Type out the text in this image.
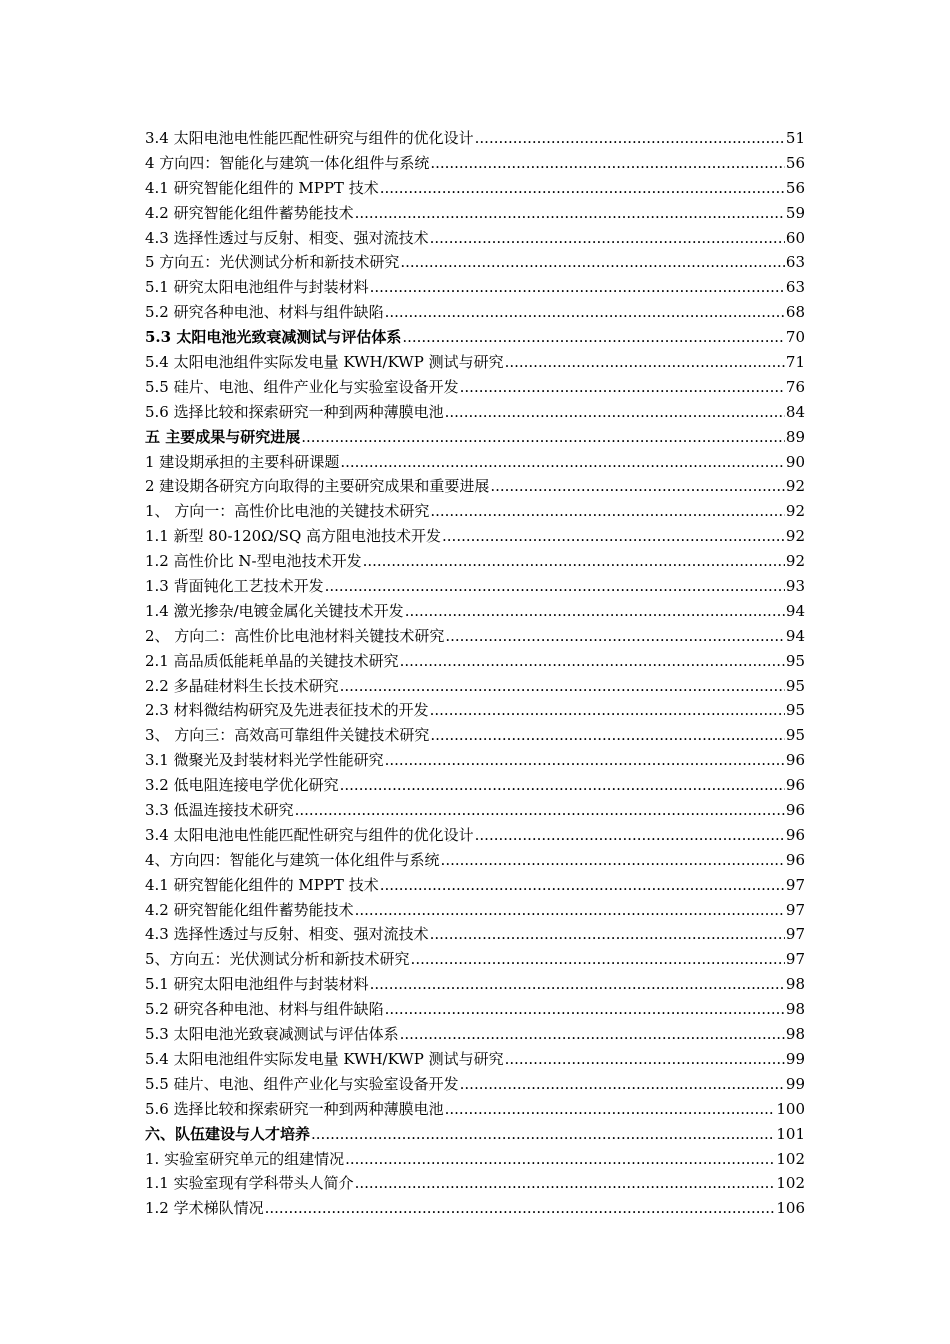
3.4 太阳电池电性能匹配性研究与组件的优化设计 .....	51
4 方向四：智能化与建筑一体化组件与系统 .....	56
4.1 研究智能化组件的 MPPT 技术 .....	56
4.2 研究智能化组件蓄势能技术 .....	59
4.3 选择性透过与反射、相变、强对流技术 .....	60
5 方向五：光伏测试分析和新技术研究 .....	63
5.1 研究太阳电池组件与封装材料 .....	63
5.2 研究各种电池、材料与组件缺陷 .....	68
5.3 太阳电池光致衰减测试与评估体系 .....	70
5.4 太阳电池组件实际发电量 KWH/KWP 测试与研究 .....	71
5.5 硅片、电池、组件产业化与实验室设备开发 .....	76
5.6 选择比较和探索研究一种到两种薄膜电池 .....	84
五 主要成果与研究进展 .....	89
1 建设期承担的主要科研课题 .....	90
2 建设期各研究方向取得的主要研究成果和重要进展 .....	92
1、 方向一：高性价比电池的关键技术研究 .....	92
1.1 新型 80-120Ω/SQ 高方阻电池技术开发 .....	92
1.2 高性价比 N-型电池技术开发 .....	92
1.3 背面钝化工艺技术开发 .....	93
1.4 激光掺杂/电镀金属化关键技术开发 .....	94
2、 方向二：高性价比电池材料关键技术研究 .....	94
2.1 高品质低能耗单晶的关键技术研究 .....	95
2.2 多晶硅材料生长技术研究 .....	95
2.3 材料微结构研究及先进表征技术的开发 .....	95
3、 方向三：高效高可靠组件关键技术研究 .....	95
3.1 微聚光及封装材料光学性能研究 .....	96
3.2 低电阻连接电学优化研究 .....	96
3.3 低温连接技术研究 .....	96
3.4 太阳电池电性能匹配性研究与组件的优化设计 .....	96
4、方向四：智能化与建筑一体化组件与系统 .....	96
4.1 研究智能化组件的 MPPT 技术 .....	97
4.2 研究智能化组件蓄势能技术 .....	97
4.3 选择性透过与反射、相变、强对流技术 .....	97
5、方向五：光伏测试分析和新技术研究 .....	97
5.1 研究太阳电池组件与封装材料 .....	98
5.2 研究各种电池、材料与组件缺陷 .....	98
5.3 太阳电池光致衰减测试与评估体系 .....	98
5.4 太阳电池组件实际发电量 KWH/KWP 测试与研究 .....	99
5.5 硅片、电池、组件产业化与实验室设备开发 .....	99
5.6 选择比较和探索研究一种到两种薄膜电池 .....	100
六、队伍建设与人才培养 .....	101
1. 实验室研究单元的组建情况 .....	102
1.1 实验室现有学科带头人简介 .....	102
1.2 学术梯队情况 .....	106
